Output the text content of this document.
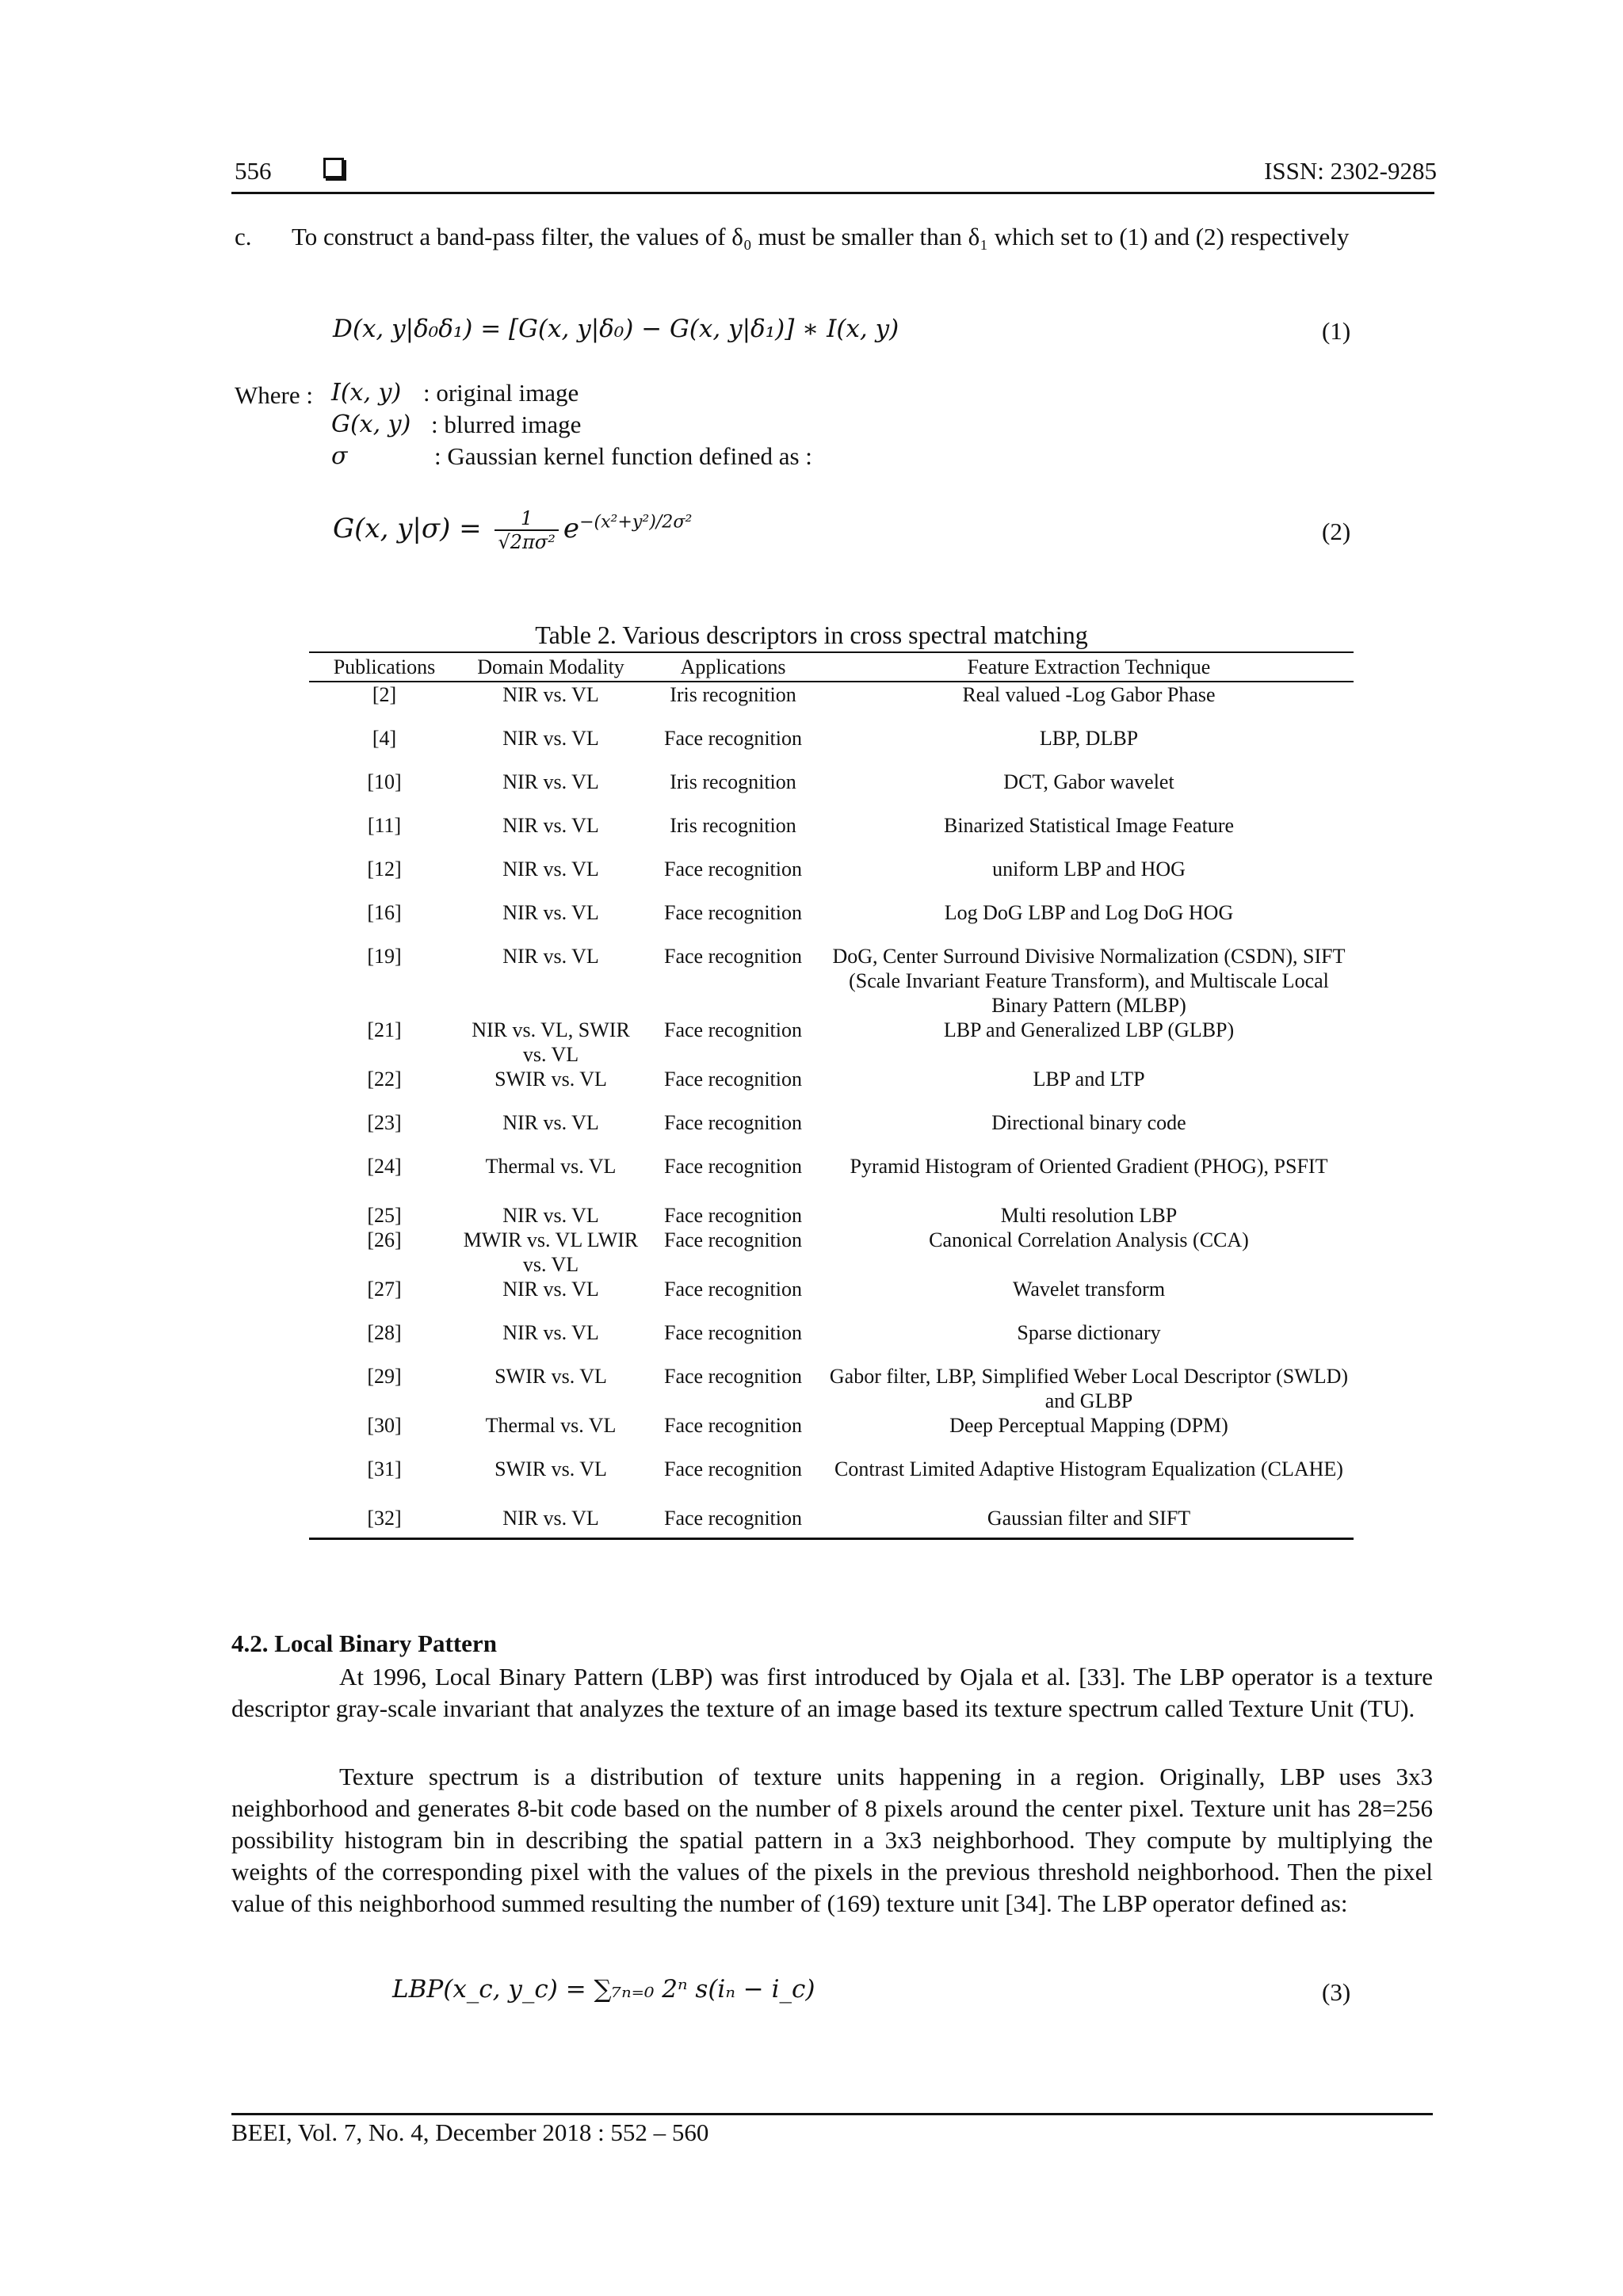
556	ISSN: 2302-9285
c. To construct a band-pass filter, the values of δ₀ must be smaller than δ₁ which set to (1) and (2) respectively
D(x, y|δ₀δ₁) = [G(x, y|δ₀) − G(x, y|δ₁)] ∗ I(x, y)	(1)
Where : I(x, y) : original image
G(x, y) : blurred image
σ	: Gaussian kernel function defined as :
G(x, $y|\sigma) = \frac{1}{\text{√2πσ²}} e^{-(x^2+y^2)/2\sigma^2}$	(2)
Table 2. Various descriptors in cross spectral matching
Publications	Domain Modality	Applications	Feature Extraction Technique
[2]	NIR vs. VL	Iris recognition	Real valued -Log Gabor Phase
[4]	NIR vs. VL	Face recognition	LBP, DLBP
[10]	NIR vs. VL	Iris recognition	DCT, Gabor wavelet
[11]	NIR vs. VL	Iris recognition	Binarized Statistical Image Feature
[12]	NIR vs. VL	Face recognition	uniform LBP and HOG
[16]	NIR vs. VL	Face recognition	Log DoG LBP and Log DoG HOG
[19]	NIR vs. VL	Face recognition	DoG, Center Surround Divisive Normalization (CSDN), SIFT (Scale Invariant Feature Transform), and Multiscale Local Binary Pattern (MLBP)
[21]	NIR vs. VL, SWIR vs. VL	Face recognition	LBP and Generalized LBP (GLBP)
[22]	SWIR vs. VL	Face recognition	LBP and LTP
[23]	NIR vs. VL	Face recognition	Directional binary code
[24]	Thermal vs. VL	Face recognition	Pyramid Histogram of Oriented Gradient (PHOG), PSFIT
[25]	NIR vs. VL	Face recognition	Multi resolution LBP
[26]	MWIR vs. VL LWIR vs. VL	Face recognition	Canonical Correlation Analysis (CCA)
[27]	NIR vs. VL	Face recognition	Wavelet transform
[28]	NIR vs. VL	Face recognition	Sparse dictionary
[29]	SWIR vs. VL	Face recognition	Gabor filter, LBP, Simplified Weber Local Descriptor (SWLD) and GLBP
[30]	Thermal vs. VL	Face recognition	Deep Perceptual Mapping (DPM)
[31]	SWIR vs. VL	Face recognition	Contrast Limited Adaptive Histogram Equalization (CLAHE)
[32]	NIR vs. VL	Face recognition	Gaussian filter and SIFT
4.2. Local Binary Pattern
At 1996, Local Binary Pattern (LBP) was first introduced by Ojala et al. [33]. The LBP operator is a texture descriptor gray-scale invariant that analyzes the texture of an image based its texture spectrum called Texture Unit (TU).
Texture spectrum is a distribution of texture units happening in a region. Originally, LBP uses 3x3 neighborhood and generates 8-bit code based on the number of 8 pixels around the center pixel. Texture unit has 28=256 possibility histogram bin in describing the spatial pattern in a 3x3 neighborhood. They compute by multiplying the weights of the corresponding pixel with the values of the pixels in the previous threshold neighborhood. Then the pixel value of this neighborhood summed resulting the number of (169) texture unit [34]. The LBP operator defined as:
LBP(x_c, y_c) = ∑₇ₙ₌₀ 2ⁿ s(iₙ − i_c)	(3)
BEEI, Vol. 7, No. 4, December 2018 : 552 – 560
